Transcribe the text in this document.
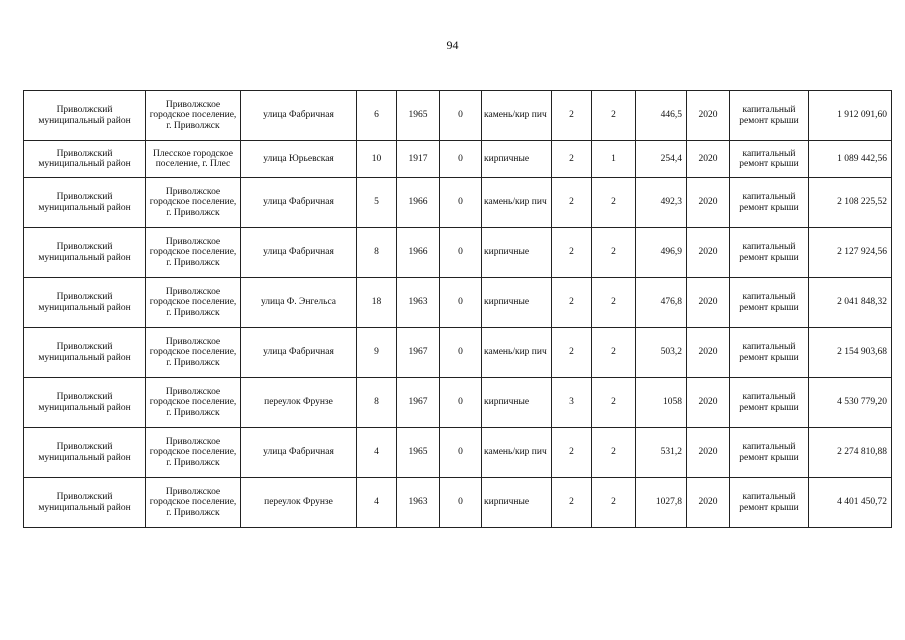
94
Приволжский муниципальный район	Приволжское городское поселение, г. Приволжск	улица Фабричная	6	1965	0	камень/кир пич	2	2	446,5	2020	капитальный ремонт крыши	1 912 091,60
Приволжский муниципальный район	Плесское городское поселение, г. Плес	улица Юрьевская	10	1917	0	кирпичные	2	1	254,4	2020	капитальный ремонт крыши	1 089 442,56
Приволжский муниципальный район	Приволжское городское поселение, г. Приволжск	улица Фабричная	5	1966	0	камень/кир пич	2	2	492,3	2020	капитальный ремонт крыши	2 108 225,52
Приволжский муниципальный район	Приволжское городское поселение, г. Приволжск	улица Фабричная	8	1966	0	кирпичные	2	2	496,9	2020	капитальный ремонт крыши	2 127 924,56
Приволжский муниципальный район	Приволжское городское поселение, г. Приволжск	улица Ф. Энгельса	18	1963	0	кирпичные	2	2	476,8	2020	капитальный ремонт крыши	2 041 848,32
Приволжский муниципальный район	Приволжское городское поселение, г. Приволжск	улица Фабричная	9	1967	0	камень/кир пич	2	2	503,2	2020	капитальный ремонт крыши	2 154 903,68
Приволжский муниципальный район	Приволжское городское поселение, г. Приволжск	переулок Фрунзе	8	1967	0	кирпичные	3	2	1058	2020	капитальный ремонт крыши	4 530 779,20
Приволжский муниципальный район	Приволжское городское поселение, г. Приволжск	улица Фабричная	4	1965	0	камень/кир пич	2	2	531,2	2020	капитальный ремонт крыши	2 274 810,88
Приволжский муниципальный район	Приволжское городское поселение, г. Приволжск	переулок Фрунзе	4	1963	0	кирпичные	2	2	1027,8	2020	капитальный ремонт крыши	4 401 450,72
